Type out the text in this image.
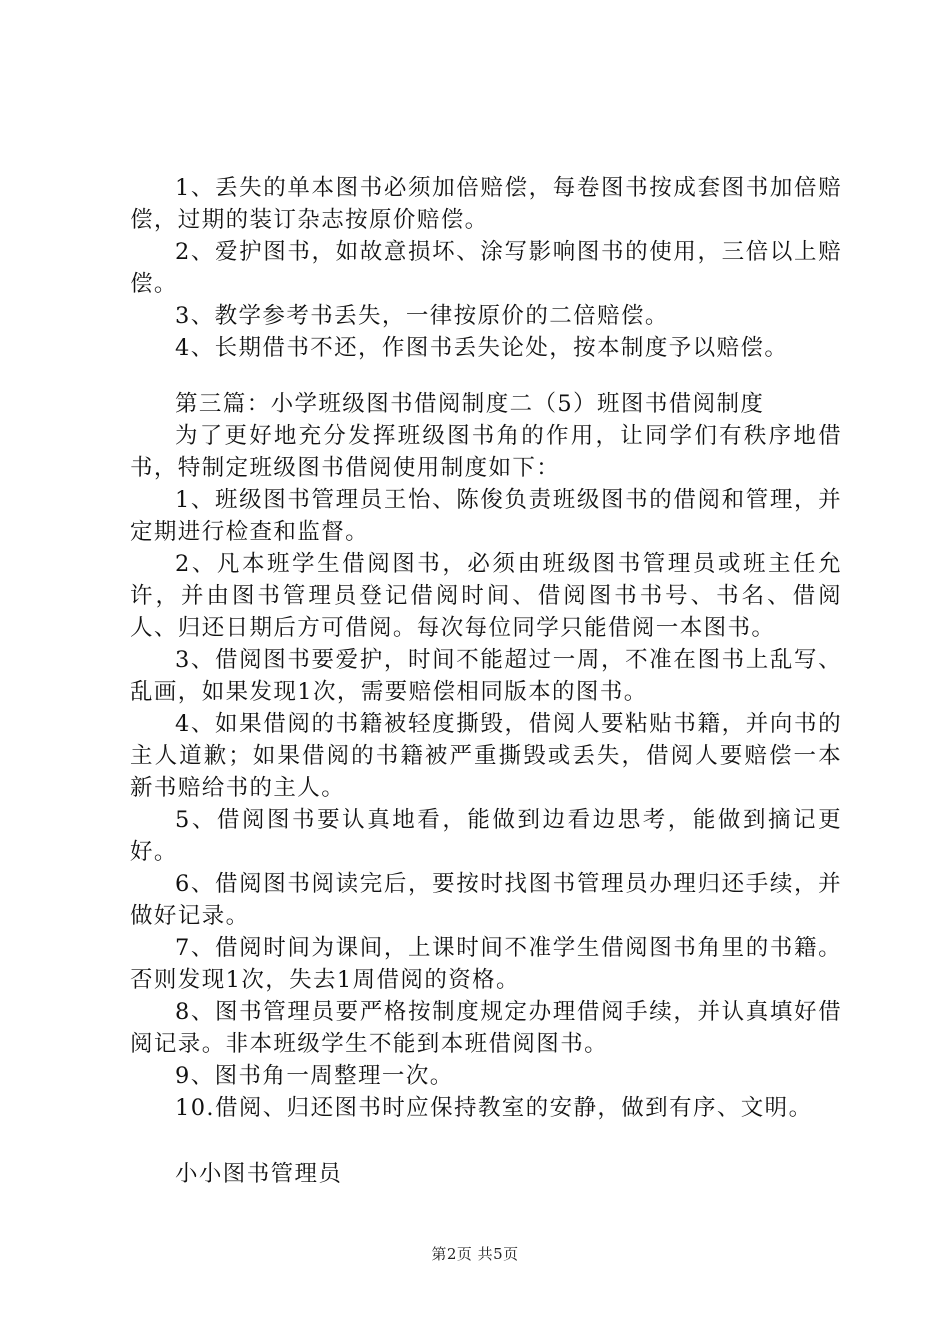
1、丢失的单本图书必须加倍赔偿，每卷图书按成套图书加倍赔偿，过期的装订杂志按原价赔偿。

2、爱护图书，如故意损坏、涂写影响图书的使用，三倍以上赔偿。

3、教学参考书丢失，一律按原价的二倍赔偿。

4、长期借书不还，作图书丢失论处，按本制度予以赔偿。

第三篇：小学班级图书借阅制度二（5）班图书借阅制度

为了更好地充分发挥班级图书角的作用，让同学们有秩序地借书，特制定班级图书借阅使用制度如下：

1、班级图书管理员王怡、陈俊负责班级图书的借阅和管理，并定期进行检查和监督。

2、凡本班学生借阅图书，必须由班级图书管理员或班主任允许，并由图书管理员登记借阅时间、借阅图书书号、书名、借阅人、归还日期后方可借阅。每次每位同学只能借阅一本图书。

3、借阅图书要爱护，时间不能超过一周，不准在图书上乱写、乱画，如果发现1次，需要赔偿相同版本的图书。

4、如果借阅的书籍被轻度撕毁，借阅人要粘贴书籍，并向书的主人道歉；如果借阅的书籍被严重撕毁或丢失，借阅人要赔偿一本新书赔给书的主人。

5、借阅图书要认真地看，能做到边看边思考，能做到摘记更好。

6、借阅图书阅读完后，要按时找图书管理员办理归还手续，并做好记录。

7、借阅时间为课间，上课时间不准学生借阅图书角里的书籍。否则发现1次，失去1周借阅的资格。

8、图书管理员要严格按制度规定办理借阅手续，并认真填好借阅记录。非本班级学生不能到本班借阅图书。

9、图书角一周整理一次。

10.借阅、归还图书时应保持教室的安静，做到有序、文明。

小小图书管理员

第2页 共5页
